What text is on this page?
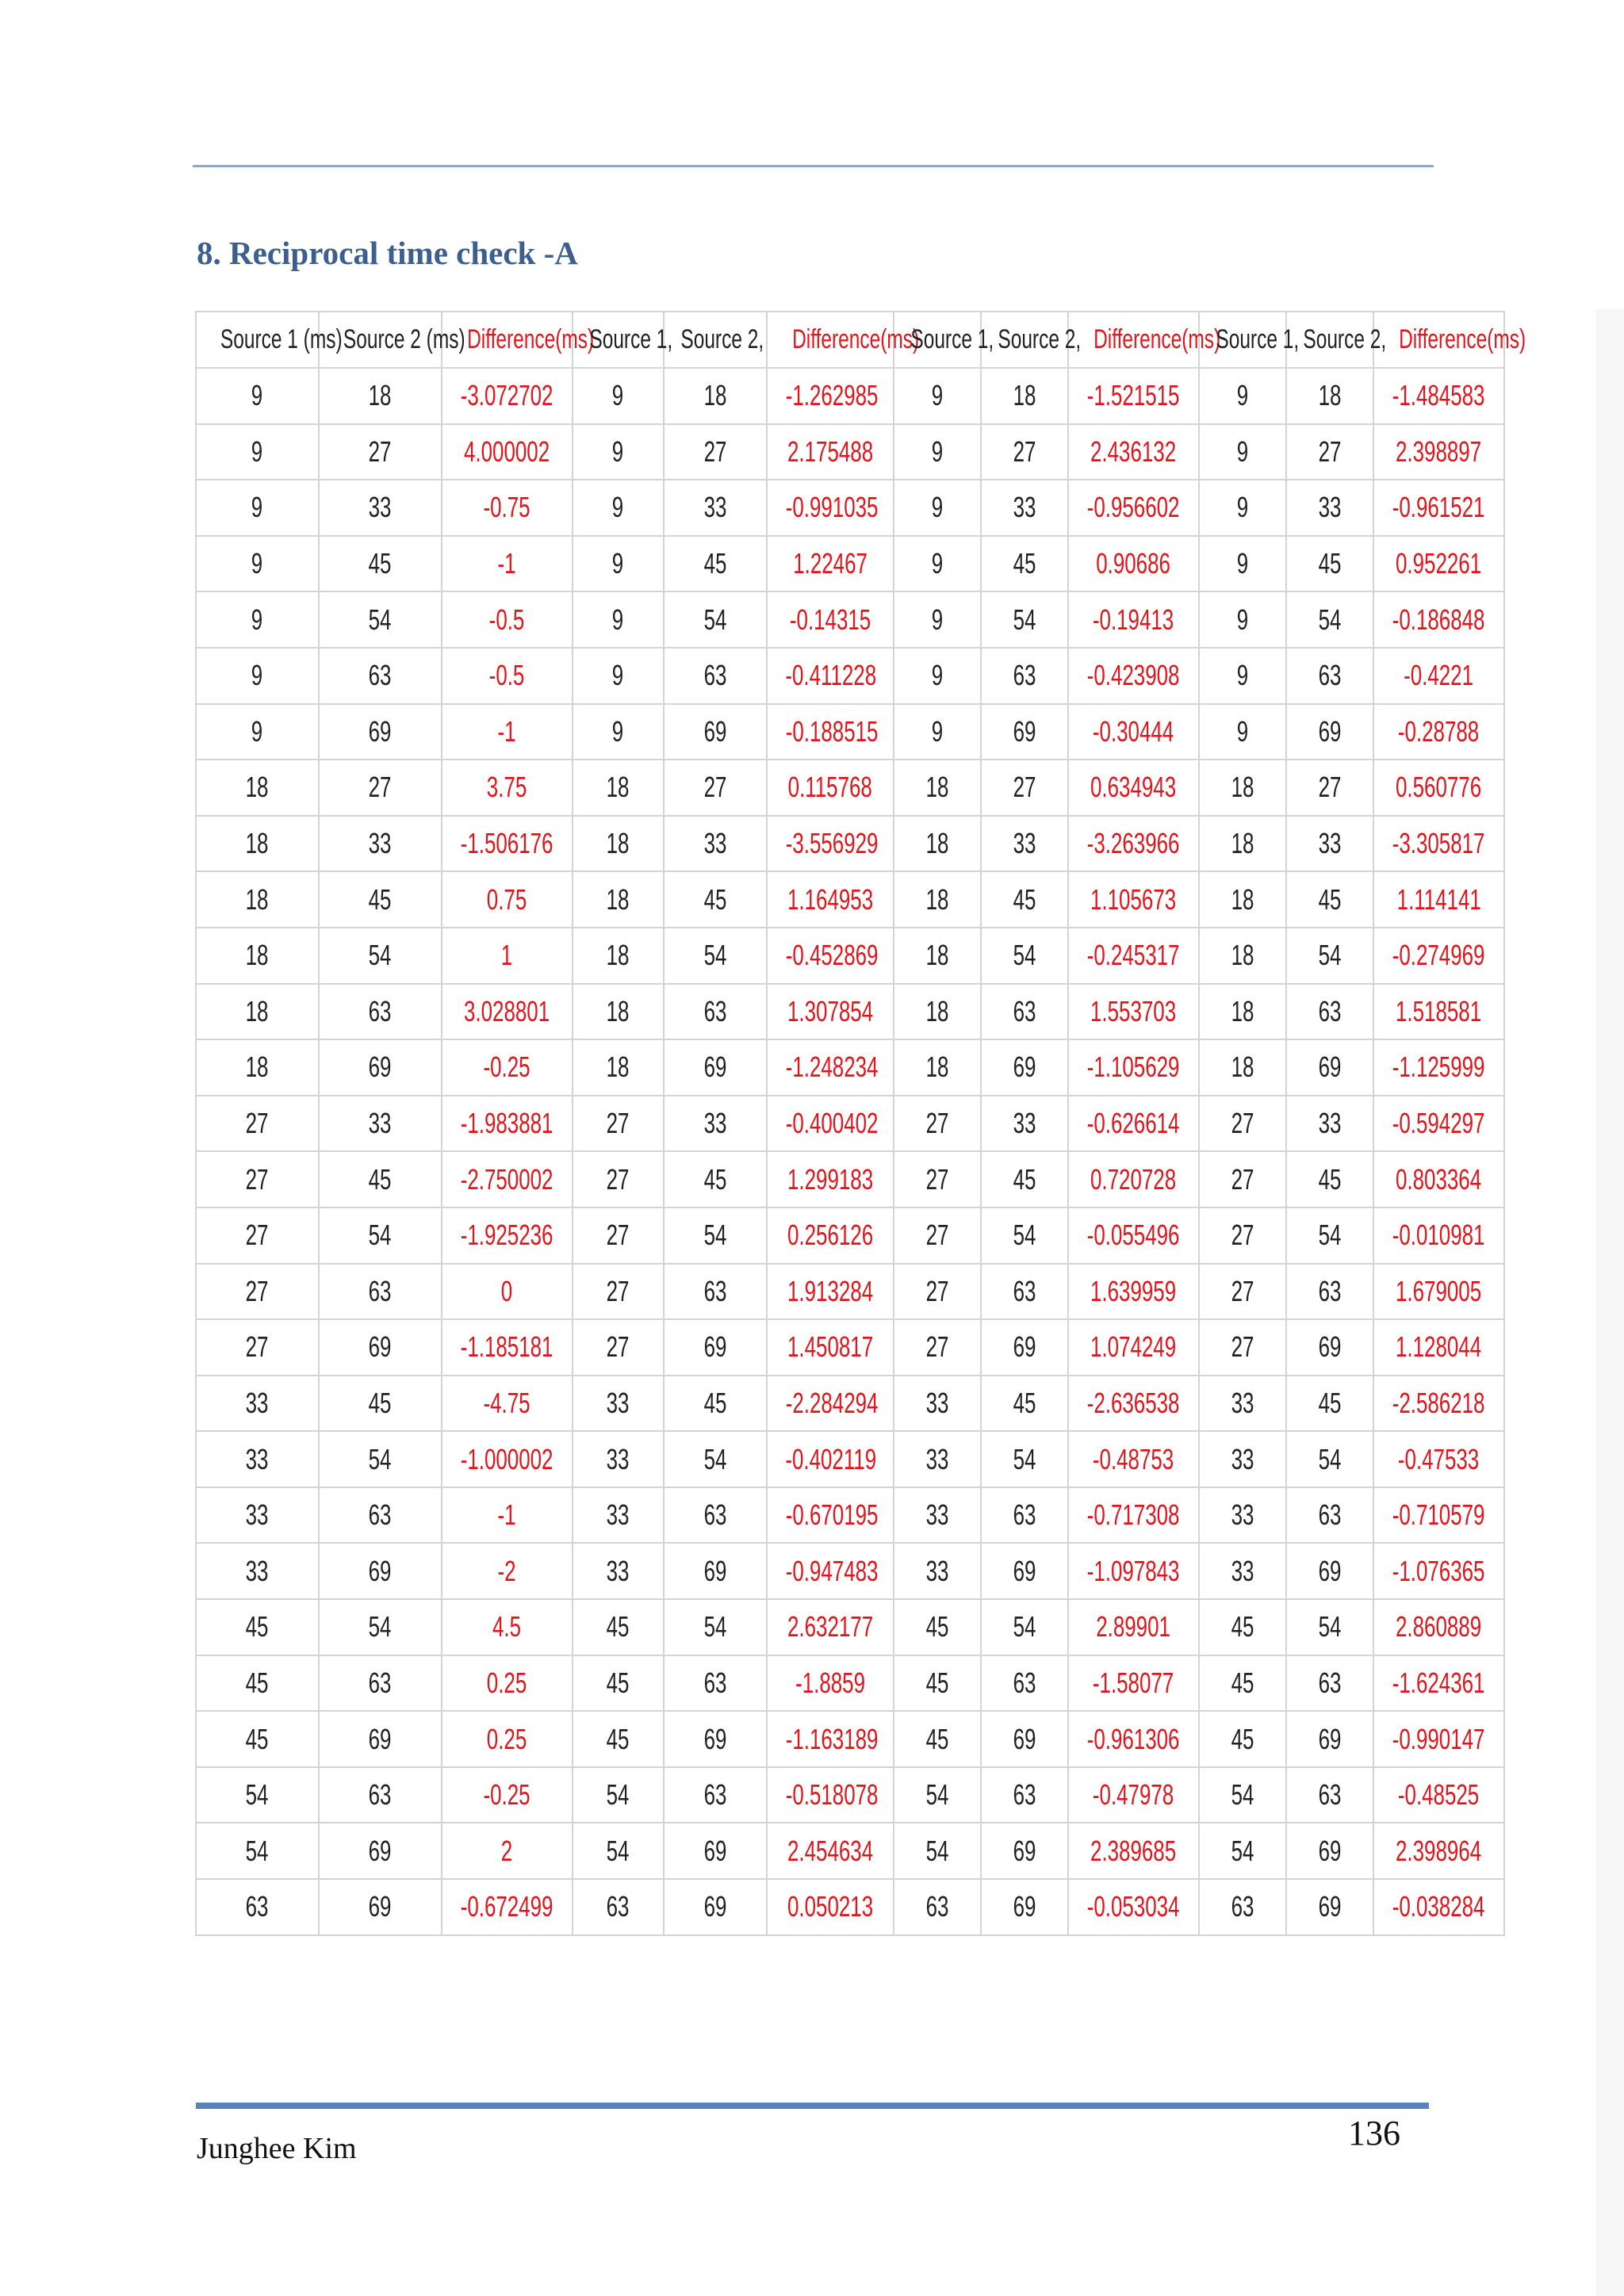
8. Reciprocal time check -A
Source 1 (ms)	Source 2 (ms)	Difference(ms)	Source 1,	Source 2,	Difference(ms)	Source 1,	Source 2,	Difference(ms)	Source 1,	Source 2,	Difference(ms)
9	18	-3.072702	9	18	-1.262985	9	18	-1.521515	9	18	-1.484583
9	27	4.000002	9	27	2.175488	9	27	2.436132	9	27	2.398897
9	33	-0.75	9	33	-0.991035	9	33	-0.956602	9	33	-0.961521
9	45	-1	9	45	1.22467	9	45	0.90686	9	45	0.952261
9	54	-0.5	9	54	-0.14315	9	54	-0.19413	9	54	-0.186848
9	63	-0.5	9	63	-0.411228	9	63	-0.423908	9	63	-0.4221
9	69	-1	9	69	-0.188515	9	69	-0.30444	9	69	-0.28788
18	27	3.75	18	27	0.115768	18	27	0.634943	18	27	0.560776
18	33	-1.506176	18	33	-3.556929	18	33	-3.263966	18	33	-3.305817
18	45	0.75	18	45	1.164953	18	45	1.105673	18	45	1.114141
18	54	1	18	54	-0.452869	18	54	-0.245317	18	54	-0.274969
18	63	3.028801	18	63	1.307854	18	63	1.553703	18	63	1.518581
18	69	-0.25	18	69	-1.248234	18	69	-1.105629	18	69	-1.125999
27	33	-1.983881	27	33	-0.400402	27	33	-0.626614	27	33	-0.594297
27	45	-2.750002	27	45	1.299183	27	45	0.720728	27	45	0.803364
27	54	-1.925236	27	54	0.256126	27	54	-0.055496	27	54	-0.010981
27	63	0	27	63	1.913284	27	63	1.639959	27	63	1.679005
27	69	-1.185181	27	69	1.450817	27	69	1.074249	27	69	1.128044
33	45	-4.75	33	45	-2.284294	33	45	-2.636538	33	45	-2.586218
33	54	-1.000002	33	54	-0.402119	33	54	-0.48753	33	54	-0.47533
33	63	-1	33	63	-0.670195	33	63	-0.717308	33	63	-0.710579
33	69	-2	33	69	-0.947483	33	69	-1.097843	33	69	-1.076365
45	54	4.5	45	54	2.632177	45	54	2.89901	45	54	2.860889
45	63	0.25	45	63	-1.8859	45	63	-1.58077	45	63	-1.624361
45	69	0.25	45	69	-1.163189	45	69	-0.961306	45	69	-0.990147
54	63	-0.25	54	63	-0.518078	54	63	-0.47978	54	63	-0.48525
54	69	2	54	69	2.454634	54	69	2.389685	54	69	2.398964
63	69	-0.672499	63	69	0.050213	63	69	-0.053034	63	69	-0.038284
Junghee Kim	136
